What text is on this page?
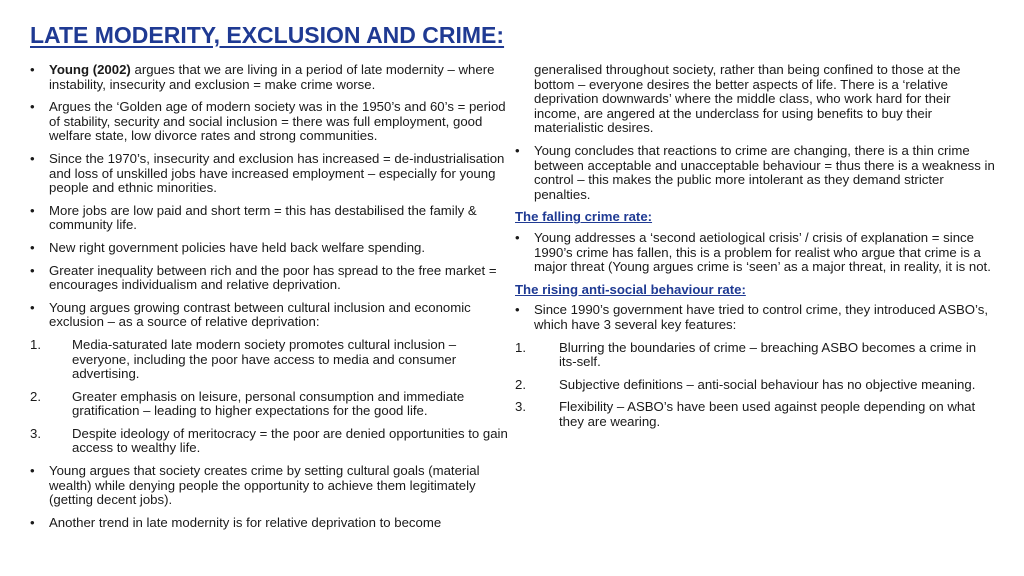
LATE MODERITY, EXCLUSION AND CRIME:
•	Young (2002) argues that we are living in a period of late modernity – where instability, insecurity and exclusion = make crime worse.
•	Argues the ‘Golden age of modern society was in the 1950’s and 60’s = period of stability, security and social inclusion = there was full employment, good welfare state, low divorce rates and strong communities.
•	Since the 1970’s, insecurity and exclusion has increased = de-industrialisation and loss of unskilled jobs have increased employment – especially for young people and ethnic minorities.
•	More jobs are low paid and short term = this has destabilised the family & community life.
•	New right government policies have held back welfare spending.
•	Greater inequality between rich and the poor has spread to the free market = encourages individualism and relative deprivation.
•	Young argues growing contrast between cultural inclusion and economic exclusion – as a source of relative deprivation:
1.	Media-saturated late modern society promotes cultural inclusion – everyone, including the poor have access to media and consumer advertising.
2.	Greater emphasis on leisure, personal consumption and immediate gratification – leading to higher expectations for the good life.
3.	Despite ideology of meritocracy = the poor are denied opportunities to gain access to wealthy life.
•	Young argues that society creates crime by setting cultural goals (material wealth) while denying people the opportunity to achieve them legitimately (getting decent jobs).
•	Another trend in late modernity is for relative deprivation to become
generalised throughout society, rather than being confined to those at the bottom – everyone desires the better aspects of life. There is a ‘relative deprivation downwards’ where the middle class, who work hard for their income, are angered at the underclass for using benefits to buy their materialistic desires.
•	Young concludes that reactions to crime are changing, there is a thin crime between acceptable and unacceptable behaviour = thus there is a weakness in control – this makes the public more intolerant as they demand stricter penalties.
The falling crime rate:
•	Young addresses a ‘second aetiological crisis’ / crisis of explanation = since 1990’s crime has fallen, this is a problem for realist who argue that crime is a major threat (Young argues crime is ‘seen’ as a major threat, in reality, it is not.
The rising anti-social behaviour rate:
•	Since 1990’s government have tried to control crime, they introduced ASBO’s, which have 3 several key features:
1.	Blurring the boundaries of crime – breaching ASBO becomes a crime in its-self.
2.	Subjective definitions – anti-social behaviour has no objective meaning.
3.	Flexibility – ASBO’s have been used against people depending on what they are wearing.
